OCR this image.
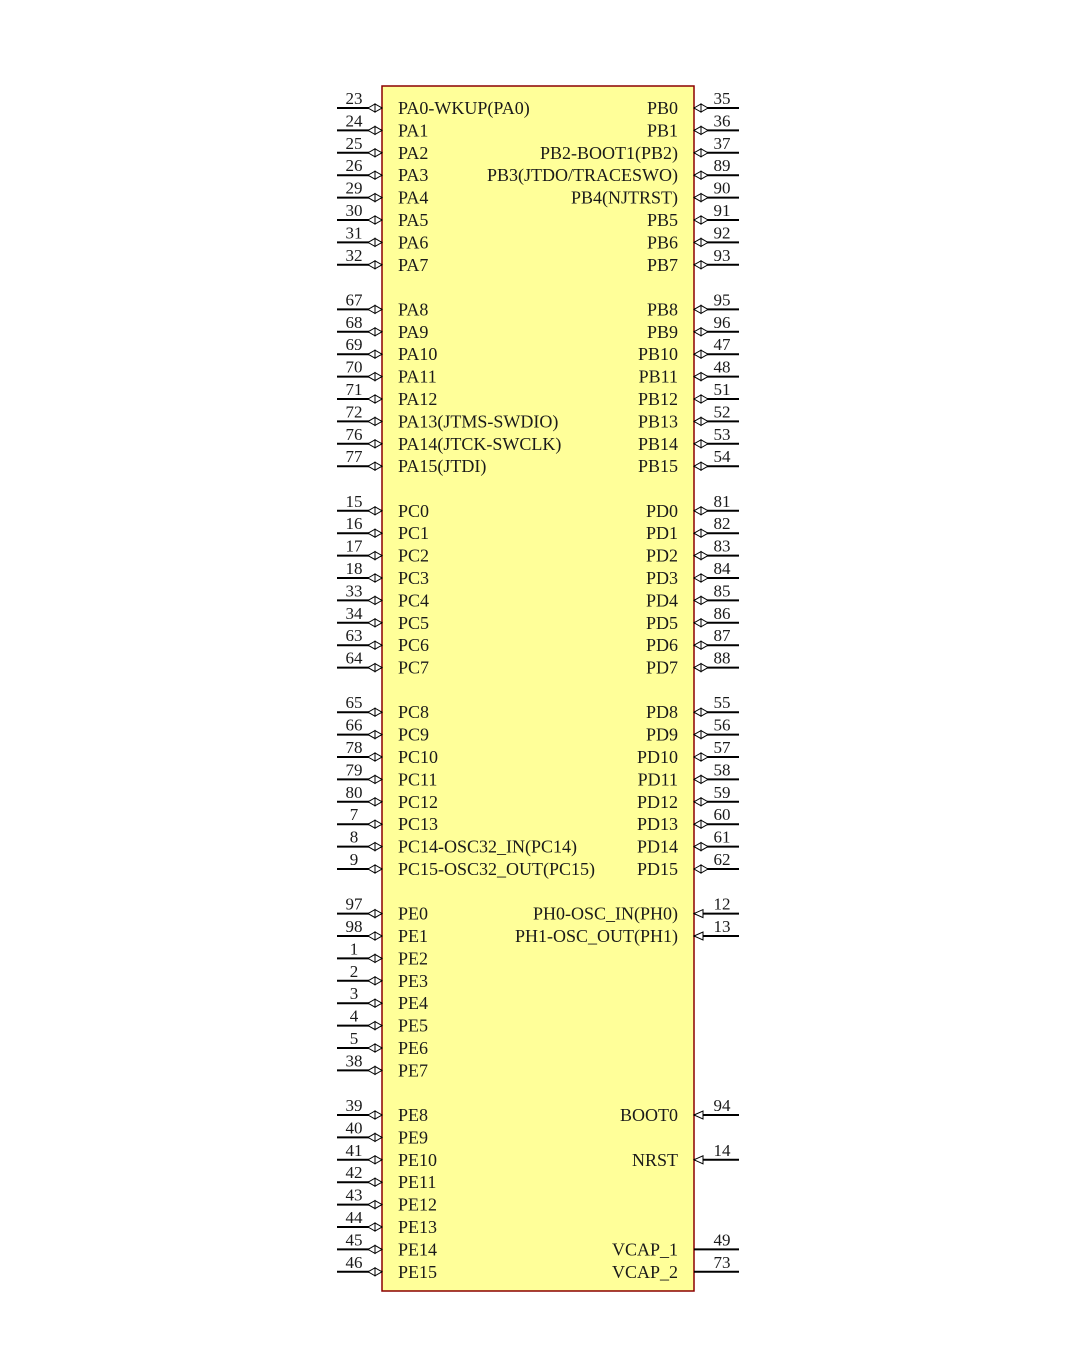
23 PA0-WKUP(PA0)
24 PA1
25 PA2
26 PA3
29 PA4
30 PA5
31 PA6
32 PA7
67 PA8
68 PA9
69 PA10
70 PA11
71 PA12
72 PA13(JTMS-SWDIO)
76 PA14(JTCK-SWCLK)
77 PA15(JTDI)
15 PC0
16 PC1
17 PC2
18 PC3
33 PC4
34 PC5
63 PC6
64 PC7
65 PC8
66 PC9
78 PC10
79 PC11
80 PC12
7 PC13
8 PC14-OSC32_IN(PC14)
9 PC15-OSC32_OUT(PC15)
97 PE0
98 PE1
1 PE2
2 PE3
3 PE4
4 PE5
5 PE6
38 PE7
39 PE8
40 PE9
41 PE10
42 PE11
43 PE12
44 PE13
45 PE14
46 PE15
35
PB0
36
PB1
37
PB2-BOOT1(PB2)
89
PB3(JTDO/TRACESWO)
90
PB4(NJTRST)
91
PB5
92
PB6
93
PB7
95
PB8
96
PB9
47
PB10
48
PB11
51
PB12
52
PB13
53
PB14
54
PB15
81
PD0
82
PD1
83
PD2
84
PD3
85
PD4
86
PD5
87
PD6
88
PD7
55
PD8
56
PD9
57
PD10
58
PD11
59
PD12
60
PD13
61
PD14
62
PD15
12
PH0-OSC_IN(PH0)
13
PH1-OSC_OUT(PH1)
94
BOOT0
14
NRST
49
VCAP_1
73
VCAP_2
